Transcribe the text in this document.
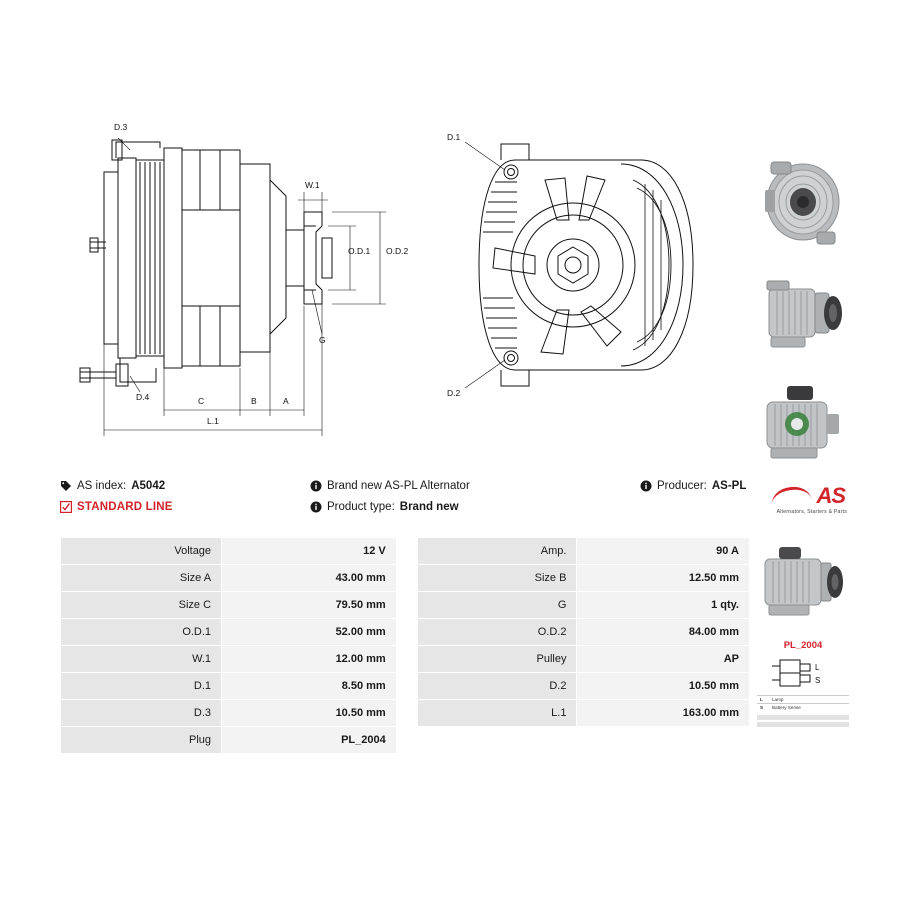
D.3
W.1
O.D.1 O.D.2
G
D.4	C	B	A
L.1
D.1
D.2
AS
Alternators, Starters & Parts
PL_2004
L
S
L	Lamp
S	Battery Sense
AS index: A5042	Brand new AS-PL Alternator	Producer: AS-PL
STANDARD LINE	Product type: Brand new
Voltage	12 V		Amp.	90 A
Size A	43.00 mm		Size B	12.50 mm
Size C	79.50 mm		G	1 qty.
O.D.1	52.00 mm		O.D.2	84.00 mm
W.1	12.00 mm		Pulley	AP
D.1	8.50 mm		D.2	10.50 mm
D.3	10.50 mm		L.1	163.00 mm
Plug	PL_2004			
